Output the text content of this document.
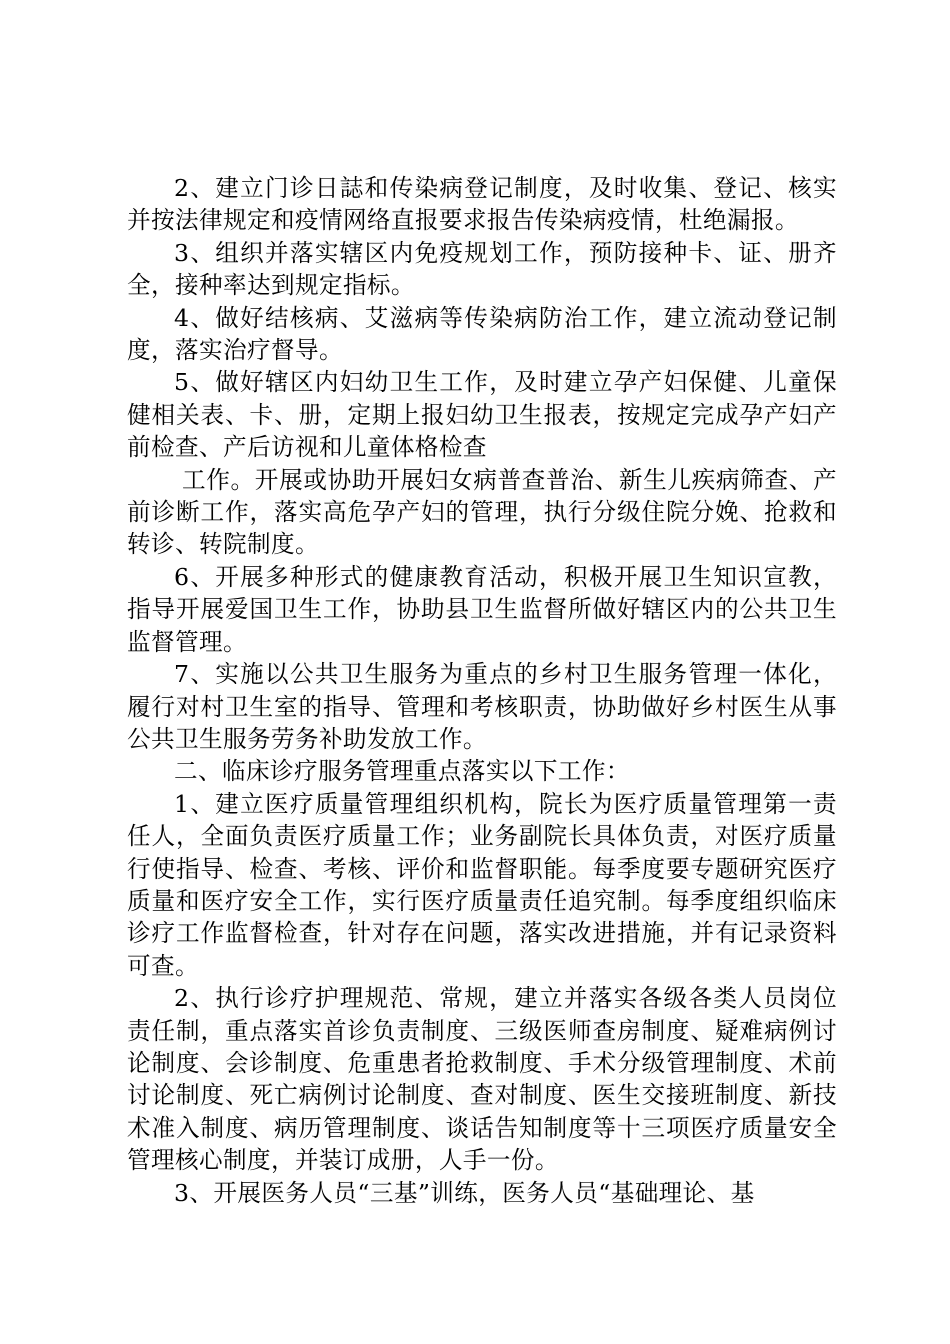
2、建立门诊日誌和传染病登记制度，及时收集、登记、核实并按法律规定和疫情网络直报要求报告传染病疫情，杜绝漏报。

3、组织并落实辖区内免疫规划工作，预防接种卡、证、册齐全，接种率达到规定指标。

4、做好结核病、艾滋病等传染病防治工作，建立流动登记制度，落实治疗督导。

5、做好辖区内妇幼卫生工作，及时建立孕产妇保健、儿童保健相关表、卡、册，定期上报妇幼卫生报表，按规定完成孕产妇产前检查、产后访视和儿童体格检查

工作。开展或协助开展妇女病普查普治、新生儿疾病筛查、产前诊断工作，落实高危孕产妇的管理，执行分级住院分娩、抢救和转诊、转院制度。

6、开展多种形式的健康教育活动，积极开展卫生知识宣教，指导开展爱国卫生工作，协助县卫生监督所做好辖区内的公共卫生监督管理。

7、实施以公共卫生服务为重点的乡村卫生服务管理一体化，履行对村卫生室的指导、管理和考核职责，协助做好乡村医生从事公共卫生服务劳务补助发放工作。

二、临床诊疗服务管理重点落实以下工作：

1、建立医疗质量管理组织机构，院长为医疗质量管理第一责任人，全面负责医疗质量工作；业务副院长具体负责，对医疗质量行使指导、检查、考核、评价和监督职能。每季度要专题研究医疗质量和医疗安全工作，实行医疗质量责任追究制。每季度组织临床诊疗工作监督检查，针对存在问题，落实改进措施，并有记录资料可查。

2、执行诊疗护理规范、常规，建立并落实各级各类人员岗位责任制，重点落实首诊负责制度、三级医师查房制度、疑难病例讨论制度、会诊制度、危重患者抢救制度、手术分级管理制度、术前讨论制度、死亡病例讨论制度、查对制度、医生交接班制度、新技术准入制度、病历管理制度、谈话告知制度等十三项医疗质量安全管理核心制度，并装订成册，人手一份。

3、开展医务人员“三基”训练，医务人员“基础理论、基
